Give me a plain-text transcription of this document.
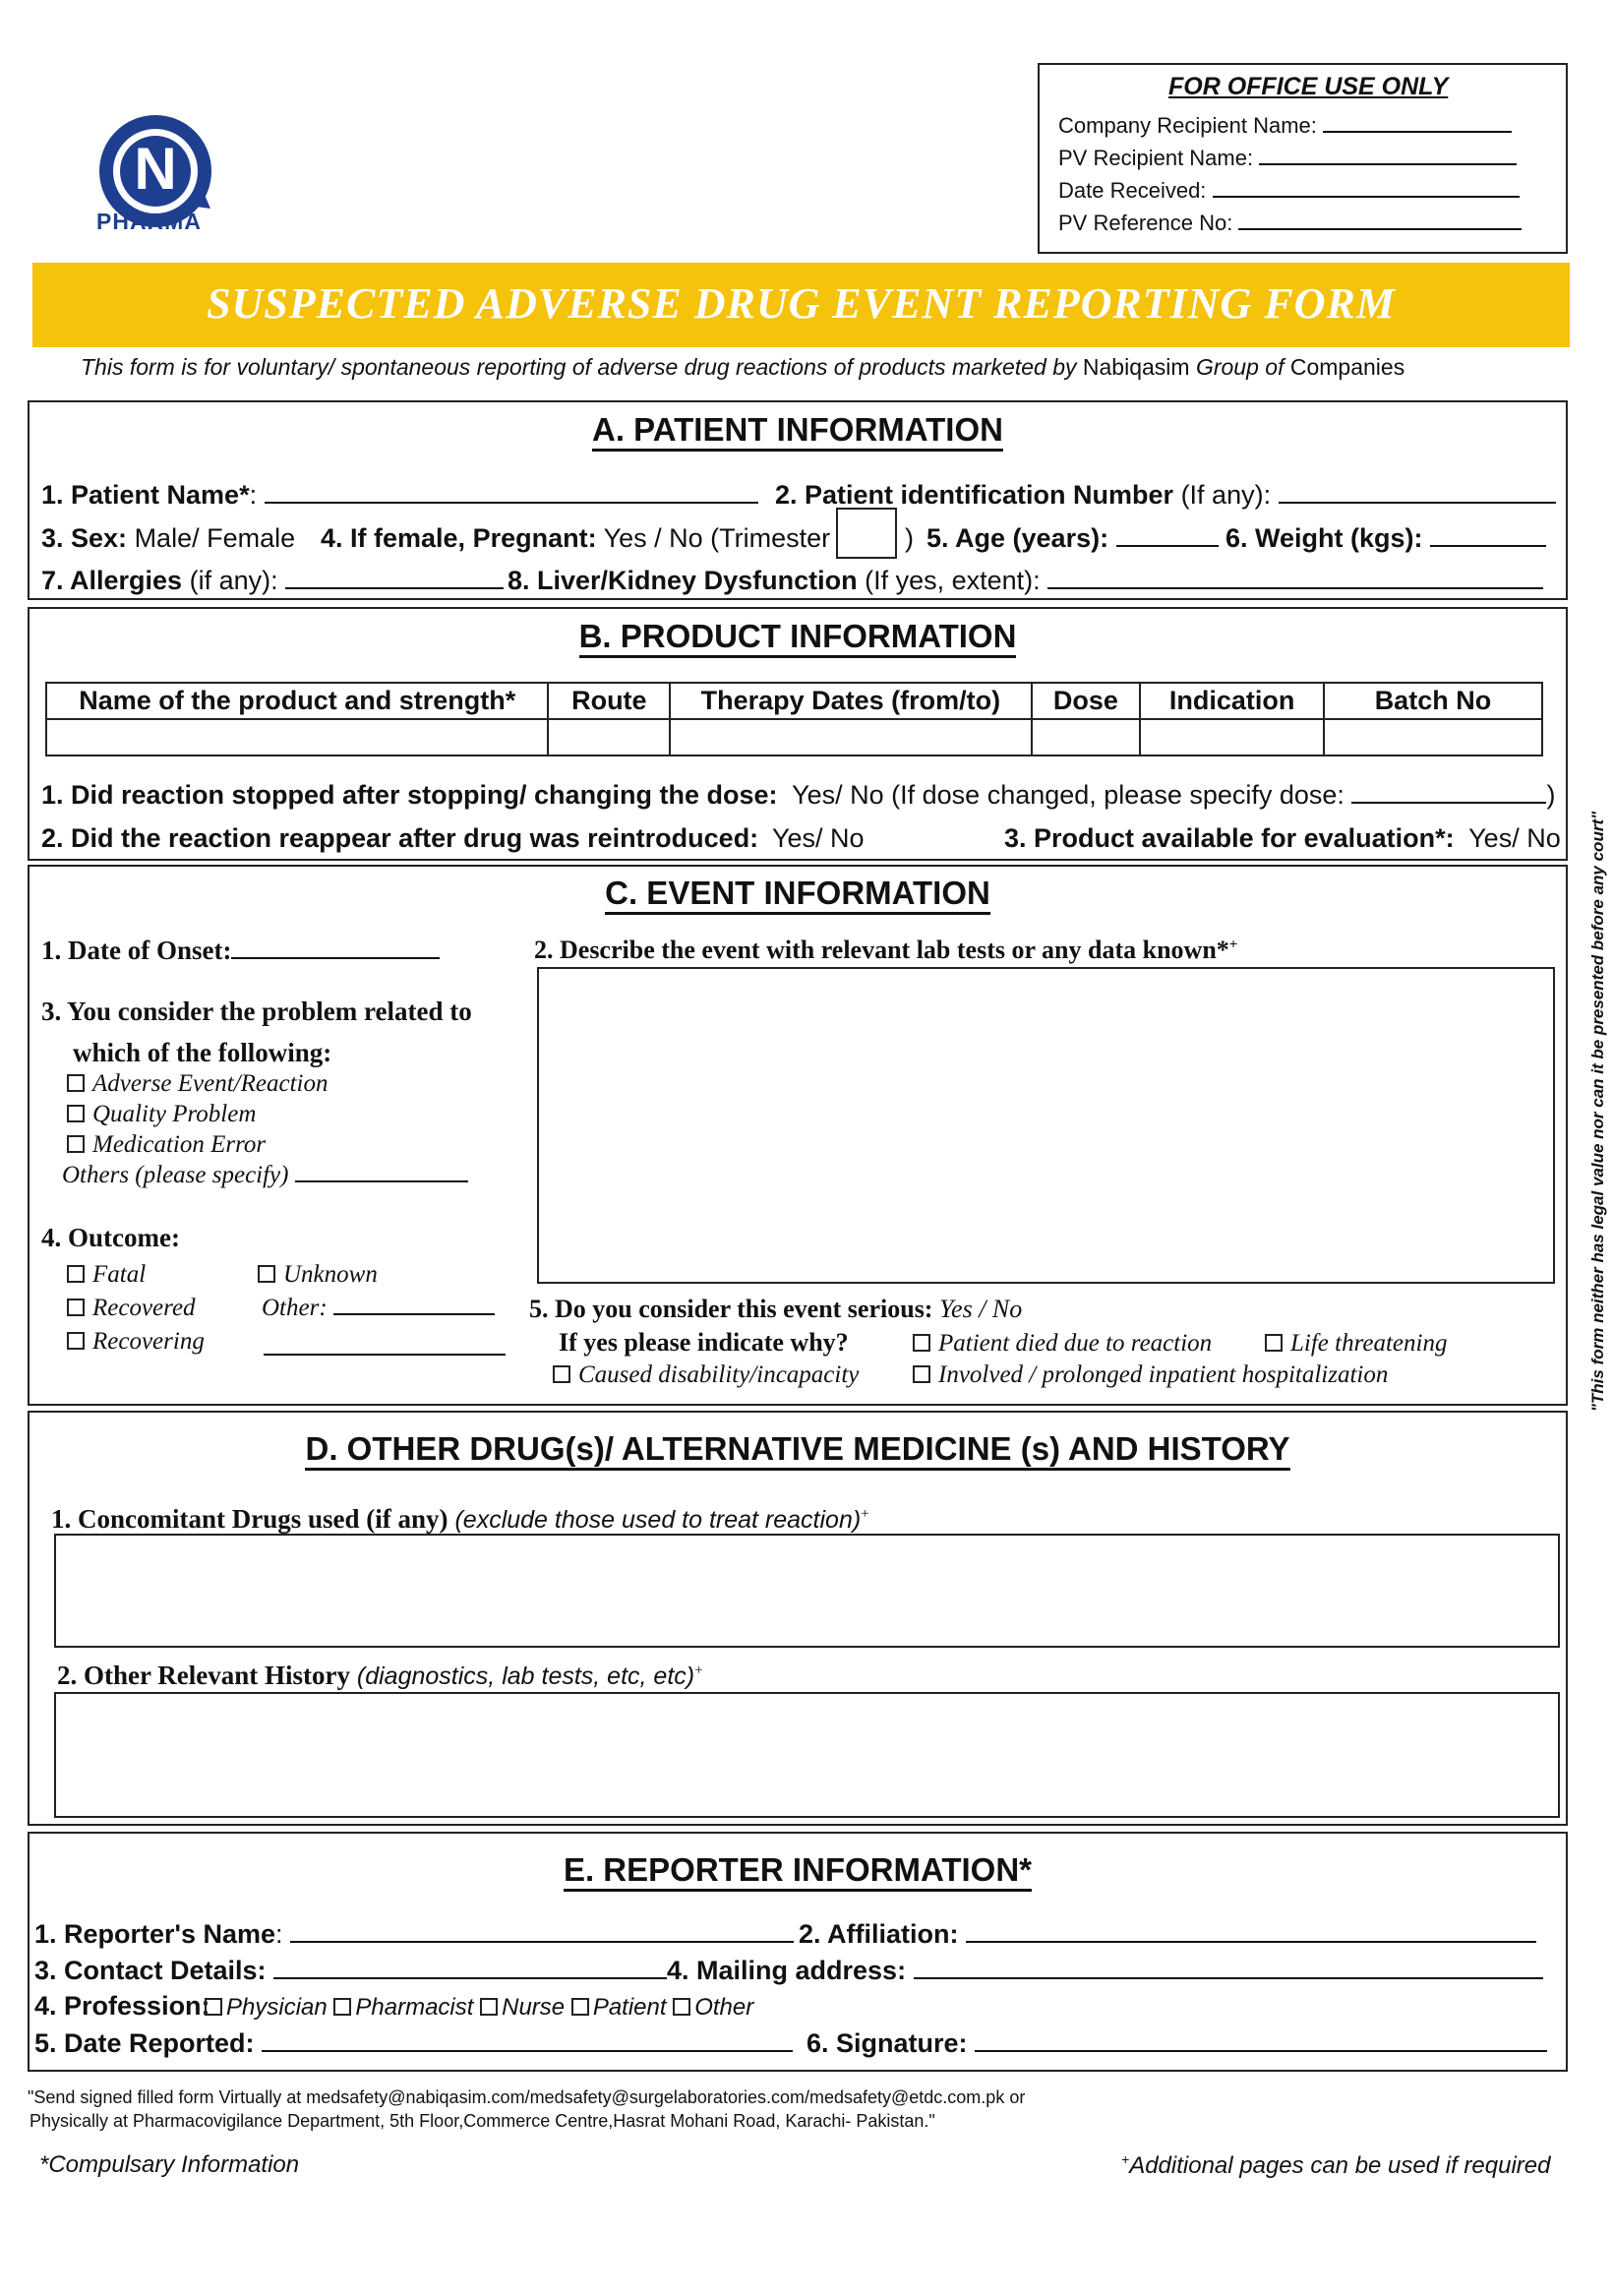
N
PHARMA
FOR OFFICE USE ONLY
Company Recipient Name:
PV Recipient Name:
Date Received:
PV Reference No:
SUSPECTED ADVERSE DRUG EVENT REPORTING FORM
This form is for voluntary/ spontaneous reporting of adverse drug reactions of products marketed by Nabiqasim Group of Companies
A. PATIENT INFORMATION
1. Patient Name*:	2. Patient identification Number (If any):
3. Sex: Male/ Female 4. If female, Pregnant: Yes / No (Trimester	) 5. Age (years):	6. Weight (kgs):
7. Allergies (if any):	8. Liver/Kidney Dysfunction (If yes, extent):
B. PRODUCT INFORMATION
Name of the product and strength*	Route	Therapy Dates (from/to)	Dose	Indication	Batch No

1. Did reaction stopped after stopping/ changing the dose: Yes/ No (If dose changed, please specify dose:	)
2. Did the reaction reappear after drug was reintroduced: Yes/ No	3. Product available for evaluation*: Yes/ No
C. EVENT INFORMATION
1. Date of Onset:	2. Describe the event with relevant lab tests or any data known*+
3. You consider the problem related to
which of the following:
Adverse Event/Reaction
Quality Problem
Medication Error
Others (please specify)
4. Outcome:
Fatal
Recovered
Recovering
Unknown
Other:	5. Do you consider this event serious: Yes / No
If yes please indicate why?	Patient died due to reaction	Life threatening
Caused disability/incapacity	Involved / prolonged inpatient hospitalization
D. OTHER DRUG(s)/ ALTERNATIVE MEDICINE (s) AND HISTORY
1. Concomitant Drugs used (if any) (exclude those used to treat reaction)+
2. Other Relevant History (diagnostics, lab tests, etc, etc)+
E. REPORTER INFORMATION*
1. Reporter's Name:	2. Affiliation:
3. Contact Details:	4. Mailing address:
4. Profession: Physician Pharmacist Nurse Patient Other
5. Date Reported:	6. Signature:
"Send signed filled form Virtually at medsafety@nabiqasim.com/medsafety@surgelaboratories.com/medsafety@etdc.com.pk or
Physically at Pharmacovigilance Department, 5th Floor,Commerce Centre,Hasrat Mohani Road, Karachi- Pakistan."
*Compulsary Information	+Additional pages can be used if required
"This form neither has legal value nor can it be presented before any court"
